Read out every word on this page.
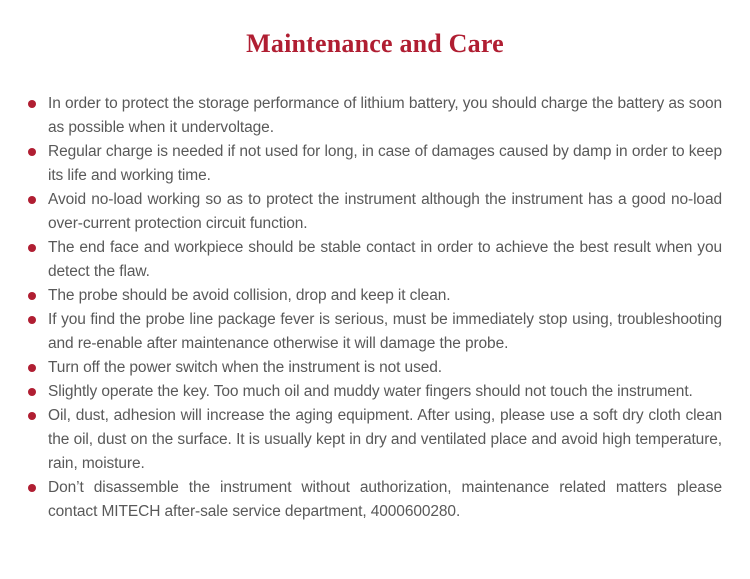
Maintenance and Care
In order to protect the storage performance of lithium battery, you should charge the battery as soon as possible when it undervoltage.
Regular charge is needed if not used for long, in case of damages caused by damp in order to keep its life and working time.
Avoid no-load working so as to protect the instrument although the instrument has a good no-load over-current protection circuit function.
The end face and workpiece should be stable contact in order to achieve the best result when you detect the flaw.
The probe should be avoid collision, drop and keep it clean.
If you find the probe line package fever is serious, must be immediately stop using, troubleshooting and re-enable after maintenance otherwise it will damage the probe.
Turn off the power switch when the instrument is not used.
Slightly operate the key. Too much oil and muddy water fingers should not touch the instrument.
Oil, dust, adhesion will increase the aging equipment. After using, please use a soft dry cloth clean the oil, dust on the surface. It is usually kept in dry and ventilated place and avoid high temperature, rain, moisture.
Don’t disassemble the instrument without authorization, maintenance related matters please contact MITECH after-sale service department, 4000600280.
